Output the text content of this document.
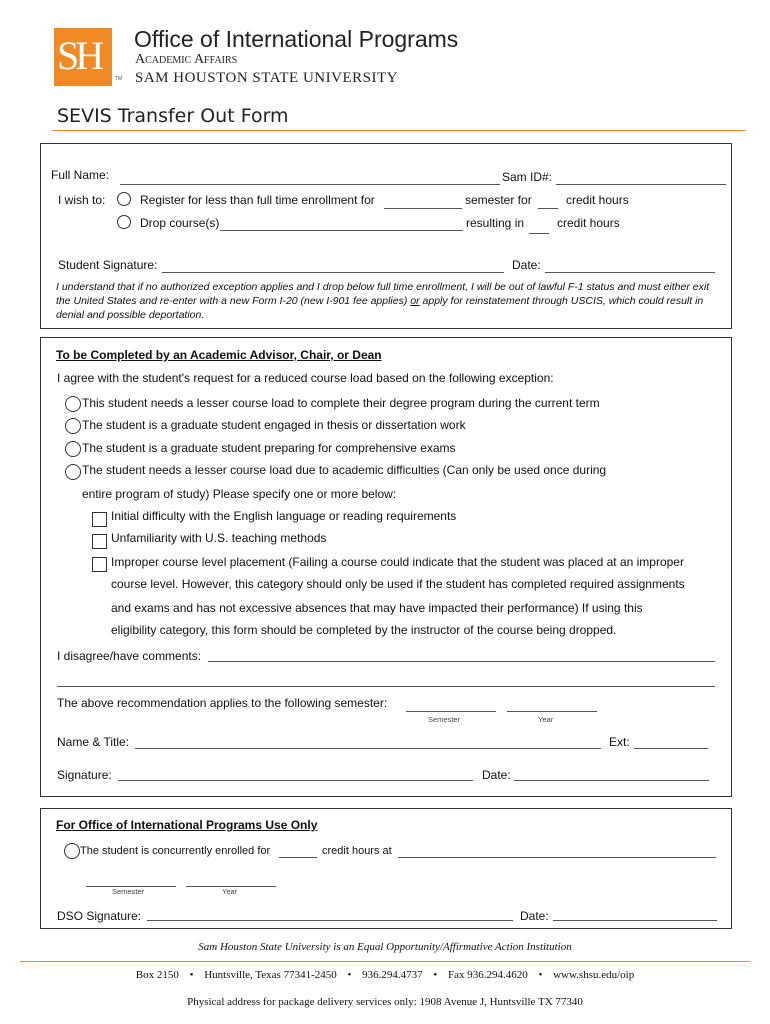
SH
TM
Office of International Programs
Academic Affairs
SAM HOUSTON STATE UNIVERSITY
SEVIS Transfer Out Form
Full Name:	Sam ID#:
I wish to:	Register for less than full time enrollment for	semester for	credit hours
Drop course(s)	resulting in	credit hours
Student Signature:	Date:
I understand that if no authorized exception applies and I drop below full time enrollment, I will be out of lawful F-1 status and must either exit the United States and re-enter with a new Form I-20 (new I-901 fee applies) or apply for reinstatement through USCIS, which could result in denial and possible deportation.
To be Completed by an Academic Advisor, Chair, or Dean
I agree with the student's request for a reduced course load based on the following exception:
This student needs a lesser course load to complete their degree program during the current term
The student is a graduate student engaged in thesis or dissertation work
The student is a graduate student preparing for comprehensive exams
The student needs a lesser course load due to academic difficulties (Can only be used once during
entire program of study) Please specify one or more below:
Initial difficulty with the English language or reading requirements
Unfamiliarity with U.S. teaching methods
Improper course level placement (Failing a course could indicate that the student was placed at an improper
course level. However, this category should only be used if the student has completed required assignments
and exams and has not excessive absences that may have impacted their performance) If using this
eligibility category, this form should be completed by the instructor of the course being dropped.
I disagree/have comments:
The above recommendation applies to the following semester:
Semester	Year
Name & Title:	Ext:
Signature:	Date:
For Office of International Programs Use Only
The student is concurrently enrolled for	credit hours at
Semester	Year
DSO Signature:	Date:
Sam Houston State University is an Equal Opportunity/Affirmative Action Institution
Box 2150 • Huntsville, Texas 77341-2450 • 936.294.4737 • Fax 936.294.4620 • www.shsu.edu/oip
Physical address for package delivery services only: 1908 Avenue J, Huntsville TX 77340
